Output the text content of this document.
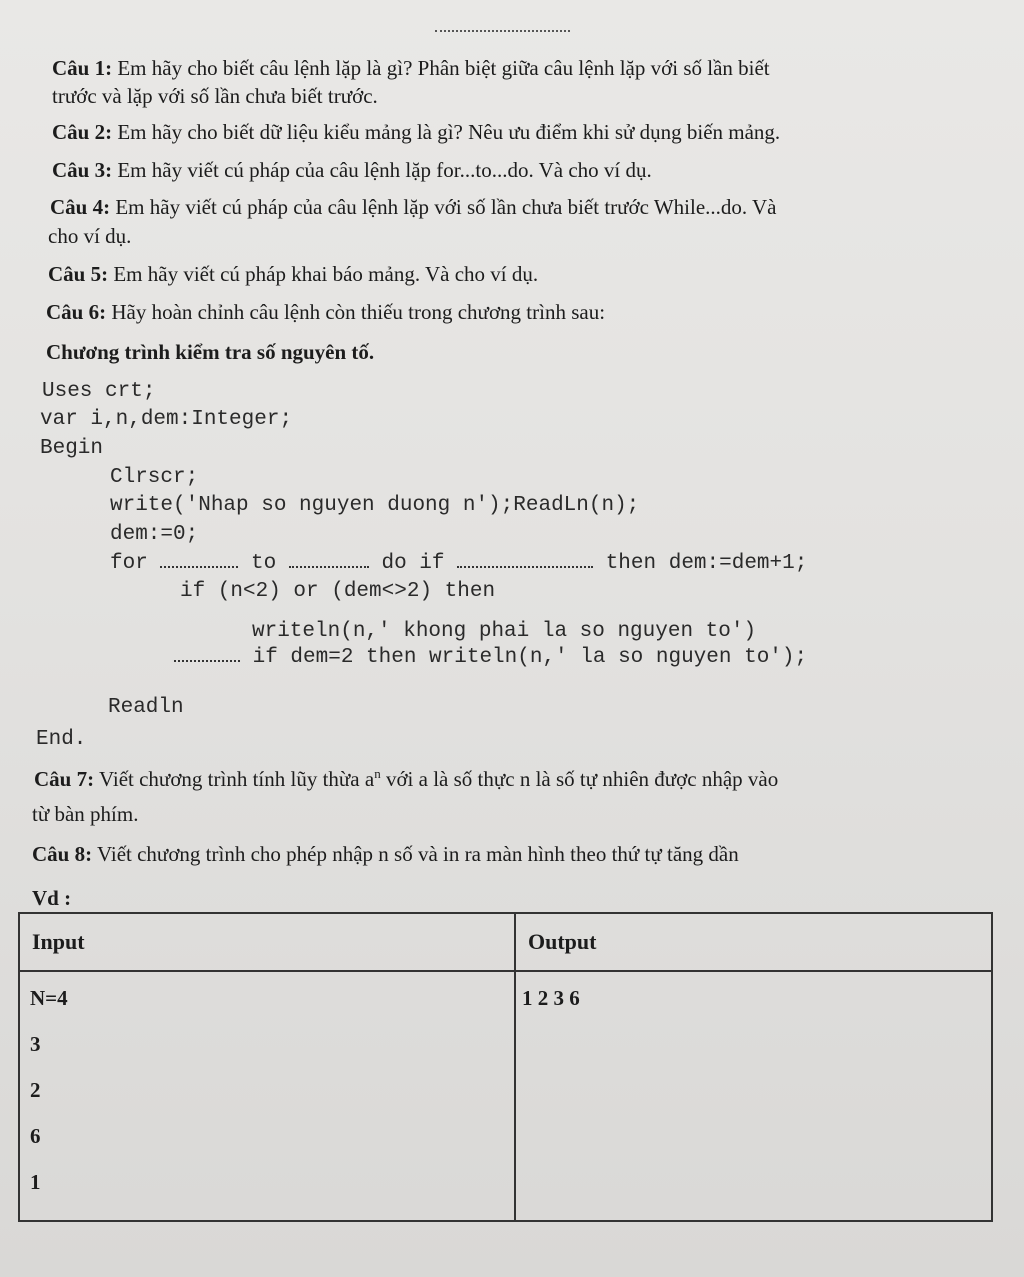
Câu 1: Em hãy cho biết câu lệnh lặp là gì? Phân biệt giữa câu lệnh lặp với số lần biết
trước và lặp với số lần chưa biết trước.
Câu 2: Em hãy cho biết dữ liệu kiểu mảng là gì? Nêu ưu điểm khi sử dụng biến mảng.
Câu 3: Em hãy viết cú pháp của câu lệnh lặp for...to...do. Và cho ví dụ.
Câu 4: Em hãy viết cú pháp của câu lệnh lặp với số lần chưa biết trước While...do. Và
cho ví dụ.
Câu 5: Em hãy viết cú pháp khai báo mảng. Và cho ví dụ.
Câu 6: Hãy hoàn chỉnh câu lệnh còn thiếu trong chương trình sau:
Chương trình kiểm tra số nguyên tố.
Uses crt;
var i,n,dem:Integer;
Begin
Clrscr;
write('Nhap so nguyen duong n');ReadLn(n);
dem:=0;
for	to	do if	then dem:=dem+1;
if (n<2) or (dem<>2) then
writeln(n,' khong phai la so nguyen to')
if dem=2 then writeln(n,' la so nguyen to');
Readln
End.
Câu 7: Viết chương trình tính lũy thừa $a^n$ với a là số thực n là số tự nhiên được nhập vào
từ bàn phím.
Câu 8: Viết chương trình cho phép nhập n số và in ra màn hình theo thứ tự tăng dần
Vd :
Input	Output

N=4
3
2
6
1	1 2 3 6
